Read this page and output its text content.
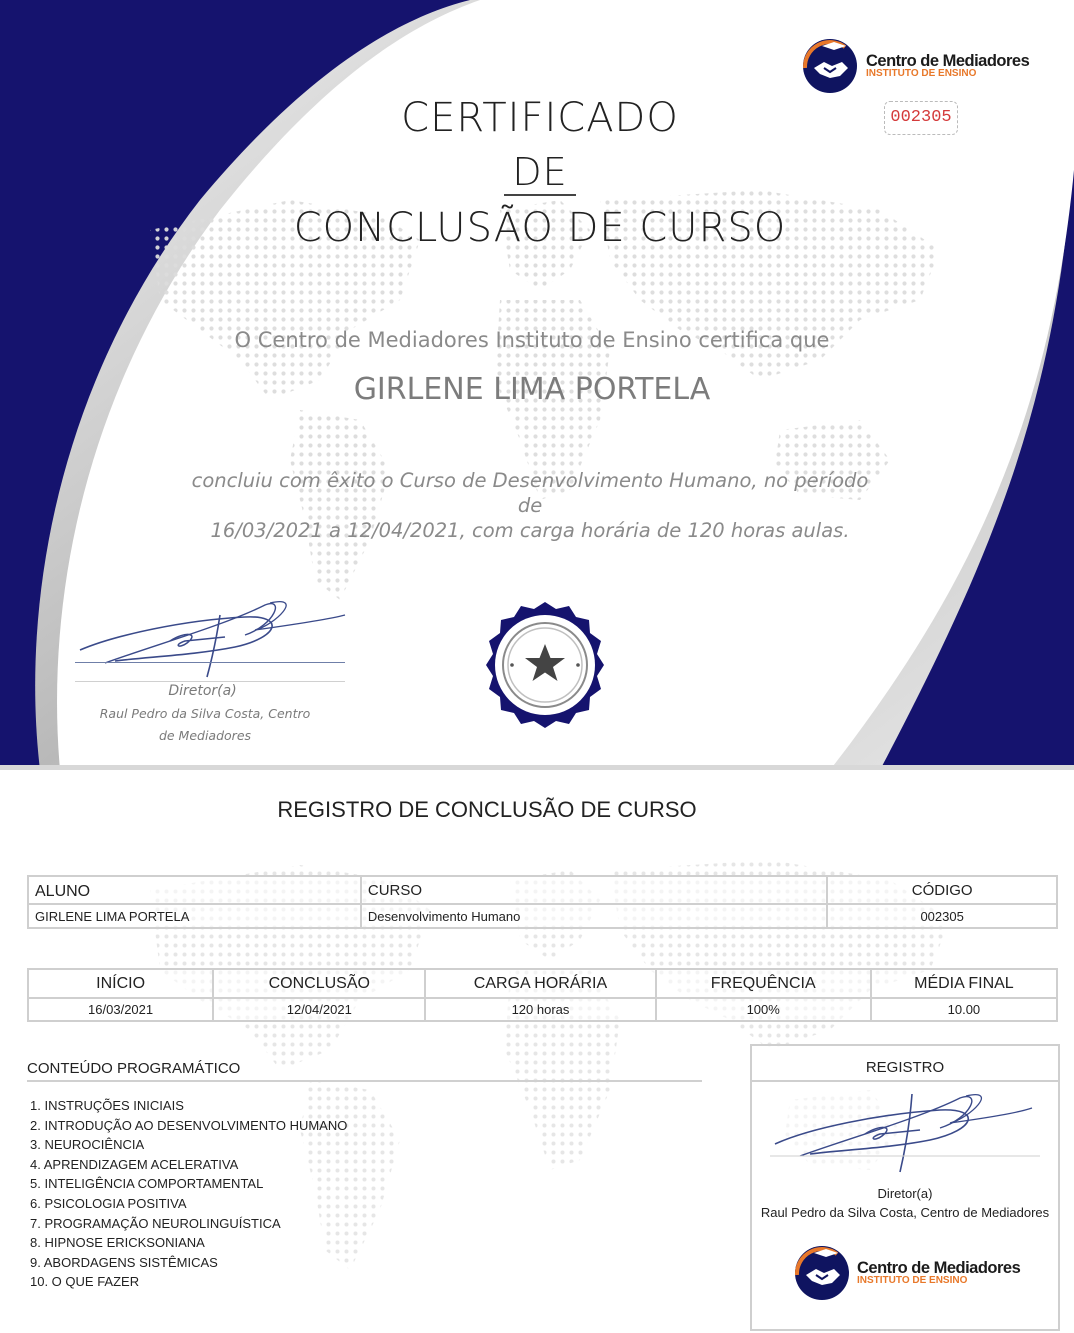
Centro de Mediadores
INSTITUTO DE ENSINO
002305
CERTIFICADO
DE
CONCLUSÃO DE CURSO
O Centro de Mediadores Instituto de Ensino certifica que
GIRLENE LIMA PORTELA
concluiu com êxito o Curso de Desenvolvimento Humano, no período de
16/03/2021 a 12/04/2021, com carga horária de 120 horas aulas.
Diretor(a)
Raul Pedro da Silva Costa, Centro de Mediadores
REGISTRO DE CONCLUSÃO DE CURSO
ALUNO	CURSO	CÓDIGO
GIRLENE LIMA PORTELA	Desenvolvimento Humano	002305
INÍCIO	CONCLUSÃO	CARGA HORÁRIA	FREQUÊNCIA	MÉDIA FINAL
16/03/2021	12/04/2021	120 horas	100%	10.00
CONTEÚDO PROGRAMÁTICO
1. INSTRUÇÕES INICIAIS
2. INTRODUÇÃO AO DESENVOLVIMENTO HUMANO
3. NEUROCIÊNCIA
4. APRENDIZAGEM ACELERATIVA
5. INTELIGÊNCIA COMPORTAMENTAL
6. PSICOLOGIA POSITIVA
7. PROGRAMAÇÃO NEUROLINGUÍSTICA
8. HIPNOSE ERICKSONIANA
9. ABORDAGENS SISTÊMICAS
10. O QUE FAZER
REGISTRO
Diretor(a)
Raul Pedro da Silva Costa, Centro de Mediadores
Centro de Mediadores
INSTITUTO DE ENSINO
